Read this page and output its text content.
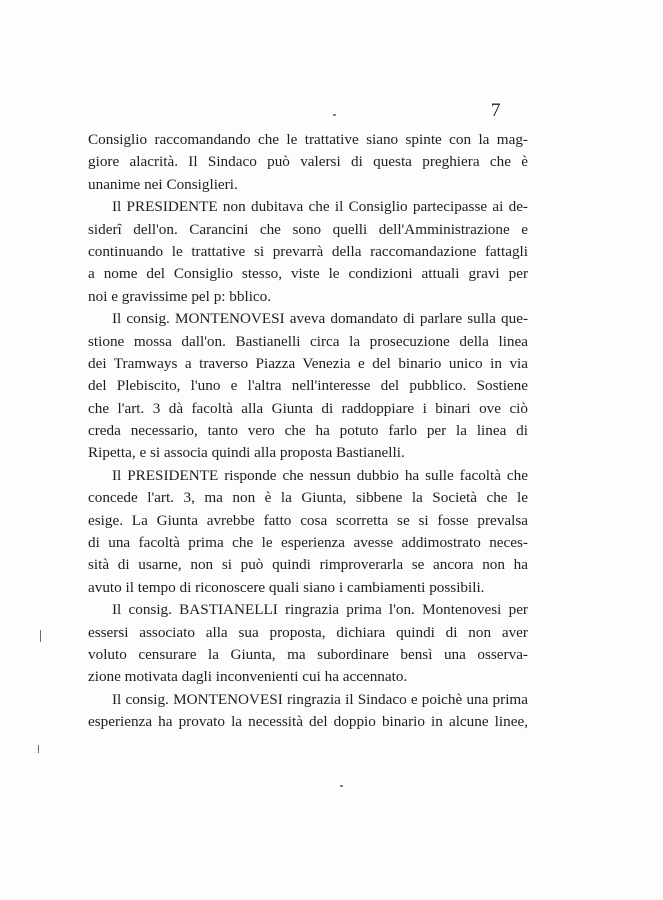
7
Consiglio raccomandando che le trattative siano spinte con la mag-
giore alacrità. Il Sindaco può valersi di questa preghiera che è
unanime nei Consiglieri.
Il PRESIDENTE non dubitava che il Consiglio partecipasse ai de-
siderî dell'on. Carancini che sono quelli dell'Amministrazione e
continuando le trattative si prevarrà della raccomandazione fattagli
a nome del Consiglio stesso, viste le condizioni attuali gravi per
noi e gravissime pel p: bblico.
Il consig. MONTENOVESI aveva domandato di parlare sulla que-
stione mossa dall'on. Bastianelli circa la prosecuzione della linea
dei Tramways a traverso Piazza Venezia e del binario unico in via
del Plebiscito, l'uno e l'altra nell'interesse del pubblico. Sostiene
che l'art. 3 dà facoltà alla Giunta di raddoppiare i binari ove ciò
creda necessario, tanto vero che ha potuto farlo per la linea di
Ripetta, e si associa quindi alla proposta Bastianelli.
Il PRESIDENTE risponde che nessun dubbio ha sulle facoltà che
concede l'art. 3, ma non è la Giunta, sibbene la Società che le
esige. La Giunta avrebbe fatto cosa scorretta se si fosse prevalsa
di una facoltà prima che le esperienza avesse addimostrato neces-
sità di usarne, non si può quindi rimproverarla se ancora non ha
avuto il tempo di riconoscere quali siano i cambiamenti possibili.
Il consig. BASTIANELLI ringrazia prima l'on. Montenovesi per
essersi associato alla sua proposta, dichiara quindi di non aver
voluto censurare la Giunta, ma subordinare bensì una osserva-
zione motivata dagli inconvenienti cui ha accennato.
Il consig. MONTENOVESI ringrazia il Sindaco e poichè una prima
esperienza ha provato la necessità del doppio binario in alcune linee,
